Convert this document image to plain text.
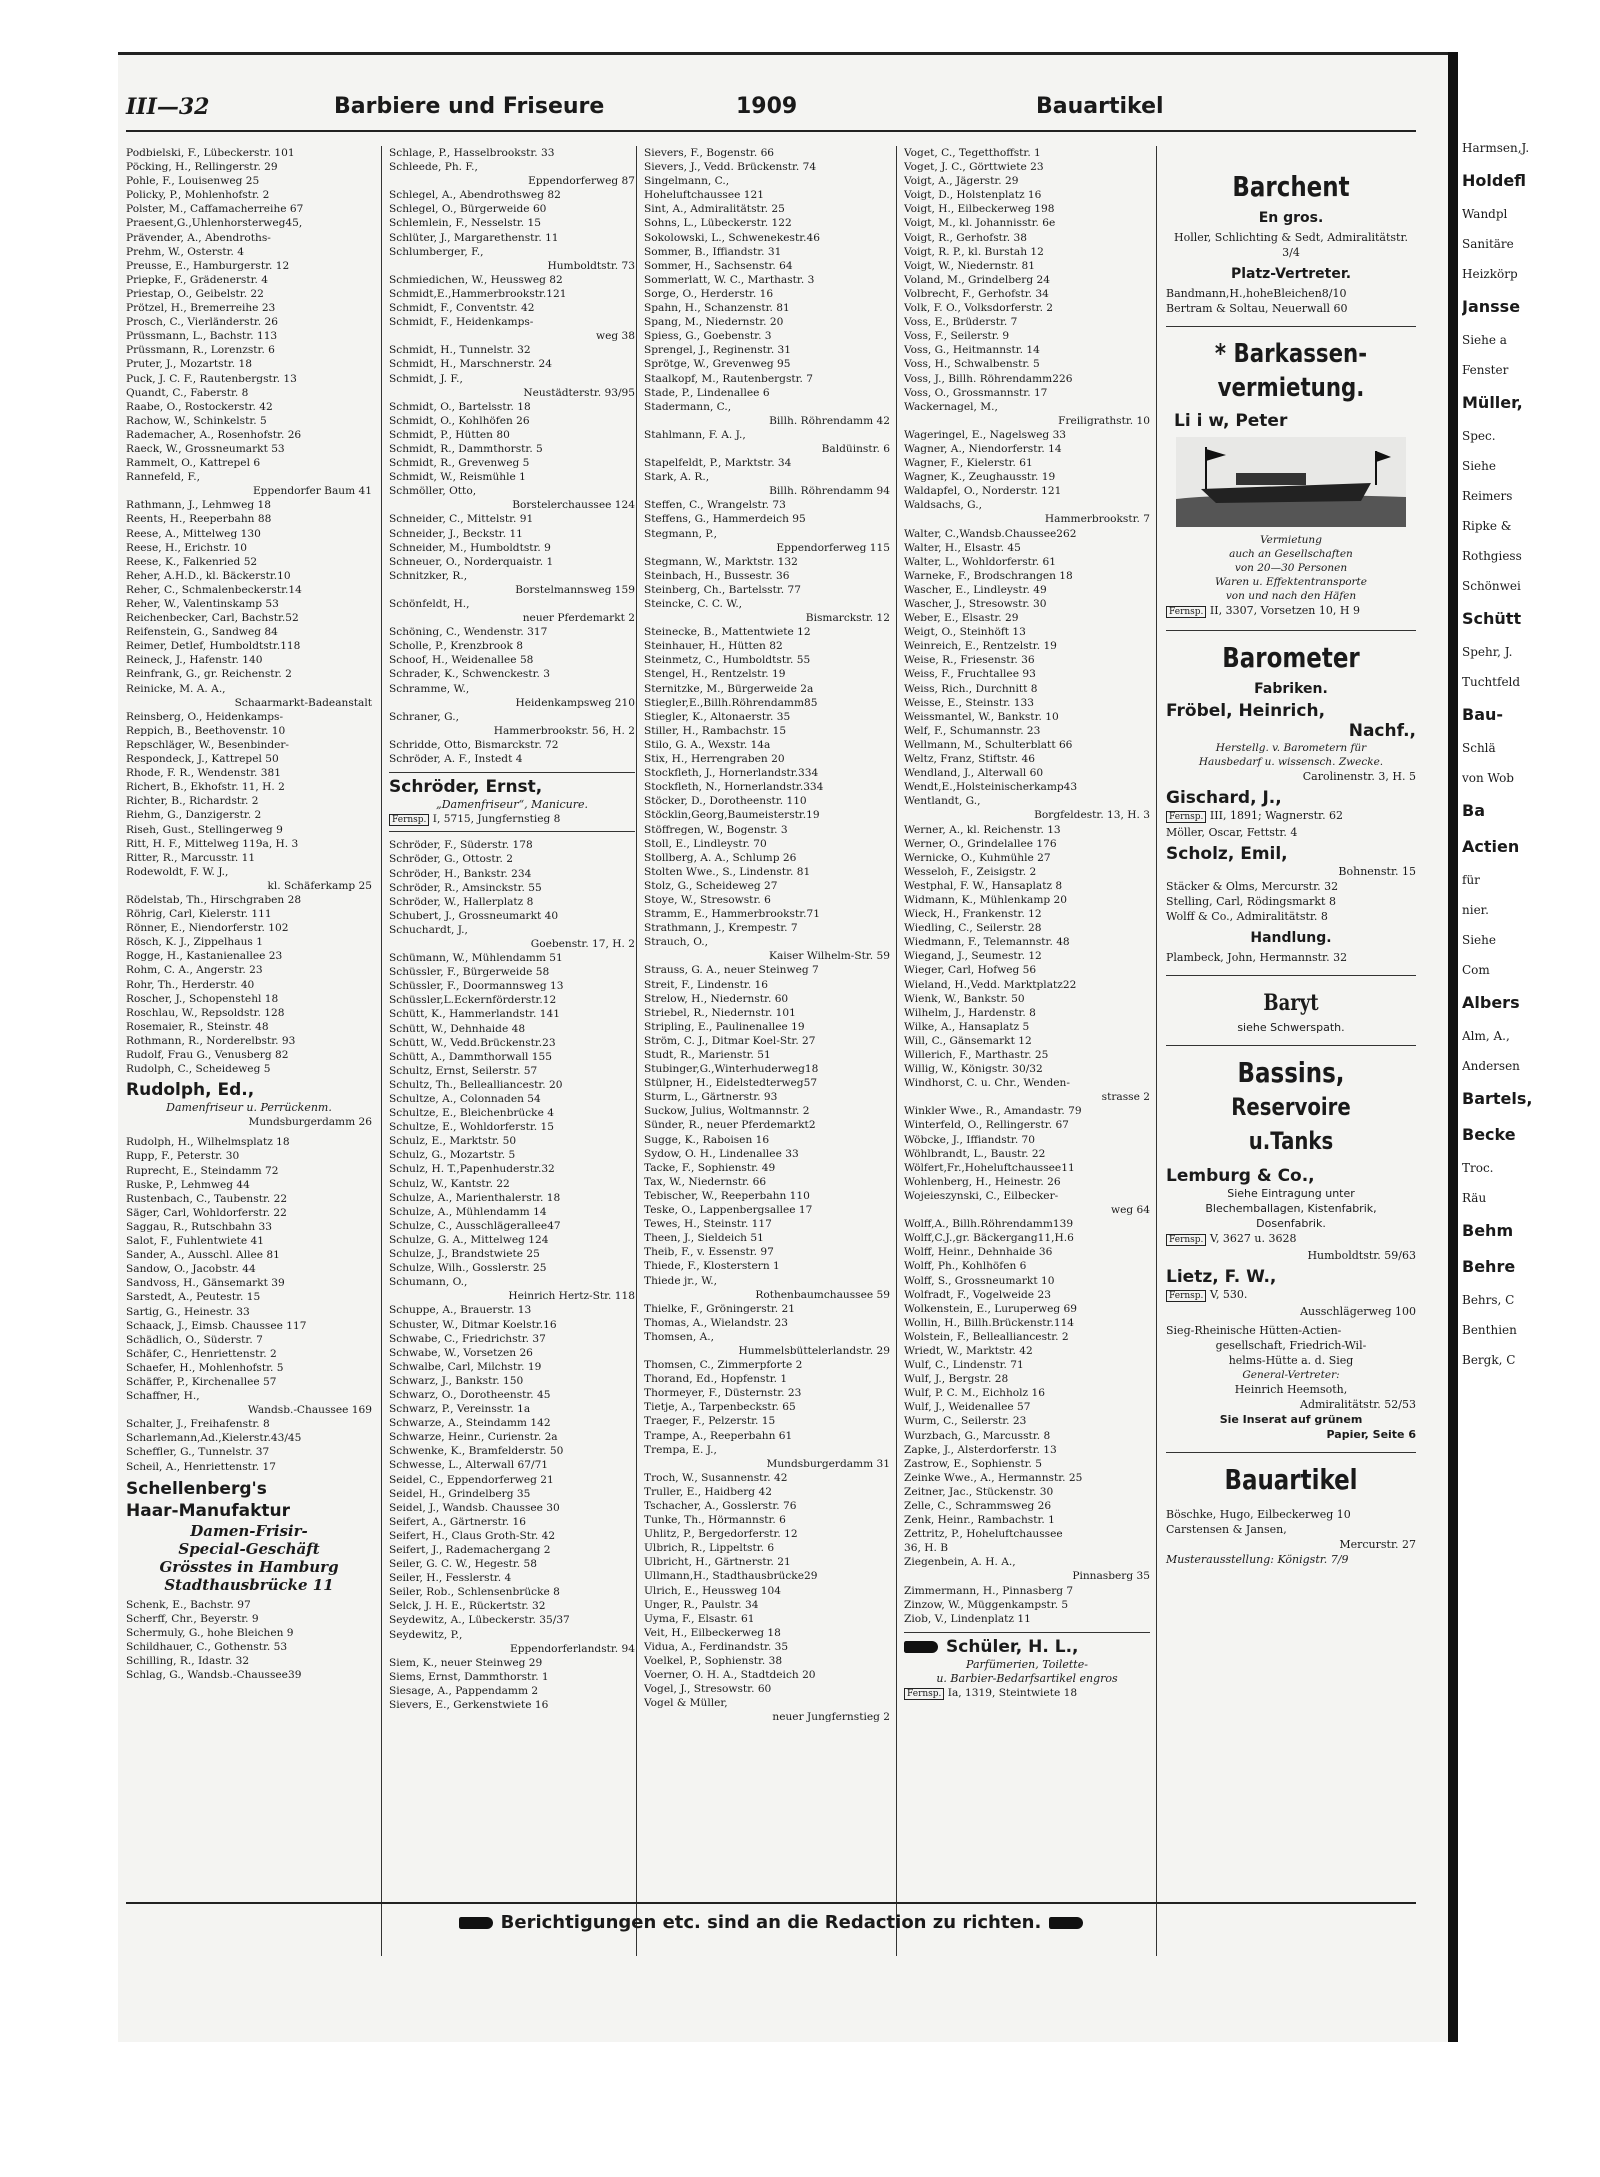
III—32	Barbiere und Friseure	1909	Bauartikel
Podbielski, F., Lübeckerstr. 101
Pöcking, H., Rellingerstr. 29
Pohle, F., Louisenweg 25
Policky, P., Mohlenhofstr. 2
Polster, M., Caffamacherreihe 67
Praesent,G.,Uhlenhorsterweg45,
Prävender, A., Abendroths-
Prehm, W., Osterstr. 4
Preusse, E., Hamburgerstr. 12
Priepke, F., Grädenerstr. 4
Priestap, O., Geibelstr. 22
Prötzel, H., Bremerreihe 23
Prosch, C., Vierländerstr. 26
Prüssmann, L., Bachstr. 113
Prüssmann, R., Lorenzstr. 6
Pruter, J., Mozartstr. 18
Puck, J. C. F., Rautenbergstr. 13
Quandt, C., Faberstr. 8
Raabe, O., Rostockerstr. 42
Rachow, W., Schinkelstr. 5
Rademacher, A., Rosenhofstr. 26
Raeck, W., Grossneumarkt 53
Rammelt, O., Kattrepel 6
Rannefeld, F.,
Eppendorfer Baum 41
Rathmann, J., Lehmweg 18
Reents, H., Reeperbahn 88
Reese, A., Mittelweg 130
Reese, H., Erichstr. 10
Reese, K., Falkenried 52
Reher, A.H.D., kl. Bäckerstr.10
Reher, C., Schmalenbeckerstr.14
Reher, W., Valentinskamp 53
Reichenbecker, Carl, Bachstr.52
Reifenstein, G., Sandweg 84
Reimer, Detlef, Humboldtstr.118
Reineck, J., Hafenstr. 140
Reinfrank, G., gr. Reichenstr. 2
Reinicke, M. A. A.,
Schaarmarkt-Badeanstalt
Reinsberg, O., Heidenkamps-
Reppich, B., Beethovenstr. 10
Repschläger, W., Besenbinder-
Respondeck, J., Kattrepel 50
Rhode, F. R., Wendenstr. 381
Richert, B., Ekhofstr. 11, H. 2
Richter, B., Richardstr. 2
Riehm, G., Danzigerstr. 2
Riseh, Gust., Stellingerweg 9
Ritt, H. F., Mittelweg 119a, H. 3
Ritter, R., Marcusstr. 11
Rodewoldt, F. W. J.,
kl. Schäferkamp 25
Rödelstab, Th., Hirschgraben 28
Röhrig, Carl, Kielerstr. 111
Rönner, E., Niendorferstr. 102
Rösch, K. J., Zippelhaus 1
Rogge, H., Kastanienallee 23
Rohm, C. A., Angerstr. 23
Rohr, Th., Herderstr. 40
Roscher, J., Schopenstehl 18
Roschlau, W., Repsoldstr. 128
Rosemaier, R., Steinstr. 48
Rothmann, R., Norderelbstr. 93
Rudolf, Frau G., Venusberg 82
Rudolph, C., Scheideweg 5
Rudolph, Ed.,
Damenfriseur u. Perrückenm.
Mundsburgerdamm 26
Rudolph, H., Wilhelmsplatz 18
Rupp, F., Peterstr. 30
Ruprecht, E., Steindamm 72
Ruske, P., Lehmweg 44
Rustenbach, C., Taubenstr. 22
Säger, Carl, Wohldorferstr. 22
Saggau, R., Rutschbahn 33
Salot, F., Fuhlentwiete 41
Sander, A., Ausschl. Allee 81
Sandow, O., Jacobstr. 44
Sandvoss, H., Gänsemarkt 39
Sarstedt, A., Peutestr. 15
Sartig, G., Heinestr. 33
Schaack, J., Eimsb. Chaussee 117
Schädlich, O., Süderstr. 7
Schäfer, C., Henriettenstr. 2
Schaefer, H., Mohlenhofstr. 5
Schäffer, P., Kirchenallee 57
Schaffner, H.,
Wandsb.-Chaussee 169
Schalter, J., Freihafenstr. 8
Scharlemann,Ad.,Kielerstr.43/45
Scheffler, G., Tunnelstr. 37
Scheil, A., Henriettenstr. 17
Schellenberg's
Haar-Manufaktur
Damen-Frisir-
Special-Geschäft
Grösstes in Hamburg
Stadthausbrücke 11
Schenk, E., Bachstr. 97
Scherff, Chr., Beyerstr. 9
Schermuly, G., hohe Bleichen 9
Schildhauer, C., Gothenstr. 53
Schilling, R., Idastr. 32
Schlag, G., Wandsb.-Chaussee39
Schlage, P., Hasselbrookstr. 33
Schleede, Ph. F.,
Eppendorferweg 87
Schlegel, A., Abendrothsweg 82
Schlegel, O., Bürgerweide 60
Schlemlein, F., Nesselstr. 15
Schlüter, J., Margarethenstr. 11
Schlumberger, F.,
Humboldtstr. 73
Schmiedichen, W., Heussweg 82
Schmidt,E.,Hammerbrookstr.121
Schmidt, F., Conventstr. 42
Schmidt, F., Heidenkamps-
weg 38
Schmidt, H., Tunnelstr. 32
Schmidt, H., Marschnerstr. 24
Schmidt, J. F.,
Neustädterstr. 93/95
Schmidt, O., Bartelsstr. 18
Schmidt, O., Kohlhöfen 26
Schmidt, P., Hütten 80
Schmidt, R., Dammthorstr. 5
Schmidt, R., Grevenweg 5
Schmidt, W., Reismühle 1
Schmöller, Otto,
Borstelerchaussee 124
Schneider, C., Mittelstr. 91
Schneider, J., Beckstr. 11
Schneider, M., Humboldtstr. 9
Schneuer, O., Norderquaistr. 1
Schnitzker, R.,
Borstelmannsweg 159
Schönfeldt, H.,
neuer Pferdemarkt 2
Schöning, C., Wendenstr. 317
Scholle, P., Krenzbrook 8
Schoof, H., Weidenallee 58
Schrader, K., Schwenckestr. 3
Schramme, W.,
Heidenkampsweg 210
Schraner, G.,
Hammerbrookstr. 56, H. 2
Schridde, Otto, Bismarckstr. 72
Schröder, A. F., Instedt 4
Schröder, Ernst,
„Damenfriseur“, Manicure.
Fernsp. I, 5715, Jungfernstieg 8
Schröder, F., Süderstr. 178
Schröder, G., Ottostr. 2
Schröder, H., Bankstr. 234
Schröder, R., Amsinckstr. 55
Schröder, W., Hallerplatz 8
Schubert, J., Grossneumarkt 40
Schuchardt, J.,
Goebenstr. 17, H. 2
Schümann, W., Mühlendamm 51
Schüssler, F., Bürgerweide 58
Schüssler, F., Doormannsweg 13
Schüssler,L.Eckernförderstr.12
Schütt, K., Hammerlandstr. 141
Schütt, W., Dehnhaide 48
Schütt, W., Vedd.Brückenstr.23
Schütt, A., Dammthorwall 155
Schultz, Ernst, Seilerstr. 57
Schultz, Th., Bellealliancestr. 20
Schultze, A., Colonnaden 54
Schultze, E., Bleichenbrücke 4
Schultze, E., Wohldorferstr. 15
Schulz, E., Marktstr. 50
Schulz, G., Mozartstr. 5
Schulz, H. T.,Papenhuderstr.32
Schulz, W., Kantstr. 22
Schulze, A., Marienthalerstr. 18
Schulze, A., Mühlendamm 14
Schulze, C., Ausschlägerallee47
Schulze, G. A., Mittelweg 124
Schulze, J., Brandstwiete 25
Schulze, Wilh., Gosslerstr. 25
Schumann, O.,
Heinrich Hertz-Str. 118
Schuppe, A., Brauerstr. 13
Schuster, W., Ditmar Koelstr.16
Schwabe, C., Friedrichstr. 37
Schwabe, W., Vorsetzen 26
Schwalbe, Carl, Milchstr. 19
Schwarz, J., Bankstr. 150
Schwarz, O., Dorotheenstr. 45
Schwarz, P., Vereinsstr. 1a
Schwarze, A., Steindamm 142
Schwarze, Heinr., Curienstr. 2a
Schwenke, K., Bramfelderstr. 50
Schwesse, L., Alterwall 67/71
Seidel, C., Eppendorferweg 21
Seidel, H., Grindelberg 35
Seidel, J., Wandsb. Chaussee 30
Seifert, A., Gärtnerstr. 16
Seifert, H., Claus Groth-Str. 42
Seifert, J., Rademachergang 2
Seiler, G. C. W., Hegestr. 58
Seiler, H., Fesslerstr. 4
Seiler, Rob., Schlensenbrücke 8
Selck, J. H. E., Rückertstr. 32
Seydewitz, A., Lübeckerstr. 35/37
Seydewitz, P.,
Eppendorferlandstr. 94
Siem, K., neuer Steinweg 29
Siems, Ernst, Dammthorstr. 1
Siesage, A., Pappendamm 2
Sievers, E., Gerkenstwiete 16
Sievers, F., Bogenstr. 66
Sievers, J., Vedd. Brückenstr. 74
Singelmann, C.,
Hoheluftchaussee 121
Sint, A., Admiralitätstr. 25
Sohns, L., Lübeckerstr. 122
Sokolowski, L., Schwenekestr.46
Sommer, B., Iffiandstr. 31
Sommer, H., Sachsenstr. 64
Sommerlatt, W. C., Marthastr. 3
Sorge, O., Herderstr. 16
Spahn, H., Schanzenstr. 81
Spang, M., Niedernstr. 20
Spiess, G., Goebenstr. 3
Sprengel, J., Reginenstr. 31
Sprötge, W., Grevenweg 95
Staalkopf, M., Rautenbergstr. 7
Stade, P., Lindenallee 6
Stadermann, C.,
Billh. Röhrendamm 42
Stahlmann, F. A. J.,
Baldüinstr. 6
Stapelfeldt, P., Marktstr. 34
Stark, A. R.,
Billh. Röhrendamm 94
Steffen, C., Wrangelstr. 73
Steffens, G., Hammerdeich 95
Stegmann, P.,
Eppendorferweg 115
Stegmann, W., Marktstr. 132
Steinbach, H., Bussestr. 36
Steinberg, Ch., Bartelsstr. 77
Steincke, C. C. W.,
Bismarckstr. 12
Steinecke, B., Mattentwiete 12
Steinhauer, H., Hütten 82
Steinmetz, C., Humboldtstr. 55
Stengel, H., Rentzelstr. 19
Sternitzke, M., Bürgerweide 2a
Stiegler,E.,Billh.Röhrendamm85
Stiegler, K., Altonaerstr. 35
Stiller, H., Rambachstr. 15
Stilo, G. A., Wexstr. 14a
Stix, H., Herrengraben 20
Stockfleth, J., Hornerlandstr.334
Stockfleth, N., Hornerlandstr.334
Stöcker, D., Dorotheenstr. 110
Stöcklin,Georg,Baumeisterstr.19
Stöffregen, W., Bogenstr. 3
Stoll, E., Lindleystr. 70
Stollberg, A. A., Schlump 26
Stolten Wwe., S., Lindenstr. 81
Stolz, G., Scheideweg 27
Stoye, W., Stresowstr. 6
Stramm, E., Hammerbrookstr.71
Strathmann, J., Krempestr. 7
Strauch, O.,
Kaiser Wilhelm-Str. 59
Strauss, G. A., neuer Steinweg 7
Streit, F., Lindenstr. 16
Strelow, H., Niedernstr. 60
Striebel, R., Niedernstr. 101
Stripling, E., Paulinenallee 19
Ström, C. J., Ditmar Koel-Str. 27
Studt, R., Marienstr. 51
Stubinger,G.,Winterhuderweg18
Stülpner, H., Eidelstedterweg57
Sturm, L., Gärtnerstr. 93
Suckow, Julius, Woltmannstr. 2
Sünder, R., neuer Pferdemarkt2
Sugge, K., Raboisen 16
Sydow, O. H., Lindenallee 33
Tacke, F., Sophienstr. 49
Tax, W., Niedernstr. 66
Tebischer, W., Reeperbahn 110
Teske, O., Lappenbergsallee 17
Tewes, H., Steinstr. 117
Theen, J., Sieldeich 51
Theib, F., v. Essenstr. 97
Thiede, F., Klosterstern 1
Thiede jr., W.,
Rothenbaumchaussee 59
Thielke, F., Gröningerstr. 21
Thomas, A., Wielandstr. 23
Thomsen, A.,
Hummelsbüttelerlandstr. 29
Thomsen, C., Zimmerpforte 2
Thorand, Ed., Hopfenstr. 1
Thormeyer, F., Düsternstr. 23
Tietje, A., Tarpenbeckstr. 65
Traeger, F., Pelzerstr. 15
Trampe, A., Reeperbahn 61
Trempa, E. J.,
Mundsburgerdamm 31
Troch, W., Susannenstr. 42
Truller, E., Haidberg 42
Tschacher, A., Gosslerstr. 76
Tunke, Th., Hörmannstr. 6
Uhlitz, P., Bergedorferstr. 12
Ulbrich, R., Lippeltstr. 6
Ulbricht, H., Gärtnerstr. 21
Ullmann,H., Stadthausbrücke29
Ulrich, E., Heussweg 104
Unger, R., Paulstr. 34
Uyma, F., Elsastr. 61
Veit, H., Eilbeckerweg 18
Vidua, A., Ferdinandstr. 35
Voelkel, P., Sophienstr. 38
Voerner, O. H. A., Stadtdeich 20
Vogel, J., Stresowstr. 60
Vogel & Müller,
neuer Jungfernstieg 2
Voget, C., Tegetthoffstr. 1
Voget, J. C., Görttwiete 23
Voigt, A., Jägerstr. 29
Voigt, D., Holstenplatz 16
Voigt, H., Eilbeckerweg 198
Voigt, M., kl. Johannisstr. 6e
Voigt, R., Gerhofstr. 38
Voigt, R. P., kl. Burstah 12
Voigt, W., Niedernstr. 81
Voland, M., Grindelberg 24
Volbrecht, F., Gerhofstr. 34
Volk, F. O., Volksdorferstr. 2
Voss, E., Brüderstr. 7
Voss, F., Seilerstr. 9
Voss, G., Heitmannstr. 14
Voss, H., Schwalbenstr. 5
Voss, J., Billh. Röhrendamm226
Voss, O., Grossmannstr. 17
Wackernagel, M.,
Freiligrathstr. 10
Wageringel, E., Nagelsweg 33
Wagner, A., Niendorferstr. 14
Wagner, F., Kielerstr. 61
Wagner, K., Zeughausstr. 19
Waldapfel, O., Norderstr. 121
Waldsachs, G.,
Hammerbrookstr. 7
Walter, C.,Wandsb.Chaussee262
Walter, H., Elsastr. 45
Walter, L., Wohldorferstr. 61
Warneke, F., Brodschrangen 18
Wascher, E., Lindleystr. 49
Wascher, J., Stresowstr. 30
Weber, E., Elsastr. 29
Weigt, O., Steinhöft 13
Weinreich, E., Rentzelstr. 19
Weise, R., Friesenstr. 36
Weiss, F., Fruchtallee 93
Weiss, Rich., Durchnitt 8
Weisse, E., Steinstr. 133
Weissmantel, W., Bankstr. 10
Welf, F., Schumannstr. 23
Wellmann, M., Schulterblatt 66
Weltz, Franz, Stiftstr. 46
Wendland, J., Alterwall 60
Wendt,E.,Holsteinischerkamp43
Wentlandt, G.,
Borgfeldestr. 13, H. 3
Werner, A., kl. Reichenstr. 13
Werner, O., Grindelallee 176
Wernicke, O., Kuhmühle 27
Wesseloh, F., Zeisigstr. 2
Westphal, F. W., Hansaplatz 8
Widmann, K., Mühlenkamp 20
Wieck, H., Frankenstr. 12
Wiedling, C., Seilerstr. 28
Wiedmann, F., Telemannstr. 48
Wiegand, J., Seumestr. 12
Wieger, Carl, Hofweg 56
Wieland, H.,Vedd. Marktplatz22
Wienk, W., Bankstr. 50
Wilhelm, J., Hardenstr. 8
Wilke, A., Hansaplatz 5
Will, C., Gänsemarkt 12
Willerich, F., Marthastr. 25
Willig, W., Königstr. 30/32
Windhorst, C. u. Chr., Wenden-
strasse 2
Winkler Wwe., R., Amandastr. 79
Winterfeld, O., Rellingerstr. 67
Wöbcke, J., Iffiandstr. 70
Wöhlbrandt, L., Baustr. 22
Wölfert,Fr.,Hoheluftchaussee11
Wohlenberg, H., Heinestr. 26
Wojeieszynski, C., Eilbecker-
weg 64
Wolff,A., Billh.Röhrendamm139
Wolff,C.J.,gr. Bäckergang11,H.6
Wolff, Heinr., Dehnhaide 36
Wolff, Ph., Kohlhöfen 6
Wolff, S., Grossneumarkt 10
Wolfradt, F., Vogelweide 23
Wolkenstein, E., Luruperweg 69
Wollin, H., Billh.Brückenstr.114
Wolstein, F., Bellealliancestr. 2
Wriedt, W., Marktstr. 42
Wulf, C., Lindenstr. 71
Wulf, J., Bergstr. 28
Wulf, P. C. M., Eichholz 16
Wulf, J., Weidenallee 57
Wurm, C., Seilerstr. 23
Wurzbach, G., Marcusstr. 8
Zapke, J., Alsterdorferstr. 13
Zastrow, E., Sophienstr. 5
Zeinke Wwe., A., Hermannstr. 25
Zeitner, Jac., Stückenstr. 30
Zelle, C., Schrammsweg 26
Zenk, Heinr., Rambachstr. 1
Zettritz, P., Hoheluftchaussee
36, H. B
Ziegenbein, A. H. A.,
Pinnasberg 35
Zimmermann, H., Pinnasberg 7
Zinzow, W., Müggenkampstr. 5
Ziob, V., Lindenplatz 11
Schüler, H. L.,
Parfümerien, Toilette-
u. Barbier-Bedarfsartikel engros
Fernsp. Ia, 1319, Steintwiete 18
Barchent
En gros.
Holler, Schlichting & Sedt, Admiralitätstr. 3/4
Platz-Vertreter.
Bandmann,H.,hoheBleichen8/10
Bertram & Soltau, Neuerwall 60
* Barkassen-
vermietung.
Li i w, Peter
Vermietung
auch an Gesellschaften
von 20—30 Personen
Waren u. Effektentransporte
von und nach den Häfen
Fernsp. II, 3307, Vorsetzen 10, H 9
Barometer
Fabriken.
Fröbel, Heinrich,
Nachf.,
Herstellg. v. Barometern für
Hausbedarf u. wissensch. Zwecke.
Carolinenstr. 3, H. 5
Gischard, J.,
Fernsp. III, 1891; Wagnerstr. 62
Möller, Oscar, Fettstr. 4
Scholz, Emil,
Bohnenstr. 15
Stäcker & Olms, Mercurstr. 32
Stelling, Carl, Rödingsmarkt 8
Wolff & Co., Admiralitätstr. 8
Handlung.
Plambeck, John, Hermannstr. 32
Baryt
siehe Schwerspath.
Bassins,
Reservoire u.Tanks
Lemburg & Co.,
Siehe Eintragung unter
Blechemballagen, Kistenfabrik,
Dosenfabrik.
Fernsp. V, 3627 u. 3628
Humboldtstr. 59/63
Lietz, F. W.,
Fernsp. V, 530.
Ausschlägerweg 100
Sieg-Rheinische Hütten-Actien-
gesellschaft, Friedrich-Wil-
helms-Hütte a. d. Sieg
General-Vertreter:
Heinrich Heemsoth,
Admiralitätstr. 52/53
Sie Inserat auf grünem
Papier, Seite 6
Bauartikel
Böschke, Hugo, Eilbeckerweg 10
Carstensen & Jansen,
Mercurstr. 27
Musterausstellung: Königstr. 7/9
Berichtigungen etc. sind an die Redaction zu richten.
Harmsen,J.
Holdefl
Wandpl
Sanitäre
Heizkörp
Jansse
Siehe a
Fenster
Müller,
Spec.
Siehe
Reimers
Ripke &
Rothgiess
Schönwei
Schütt
Spehr, J.
Tuchtfeld
Bau-
Schlä
von Wob
Ba
Actien
für
nier.
Siehe
Com
Albers
Alm, A.,
Andersen
Bartels,
Becke
Troc.
Räu
Behm
Behre
Behrs, C
Benthien
Bergk, C
